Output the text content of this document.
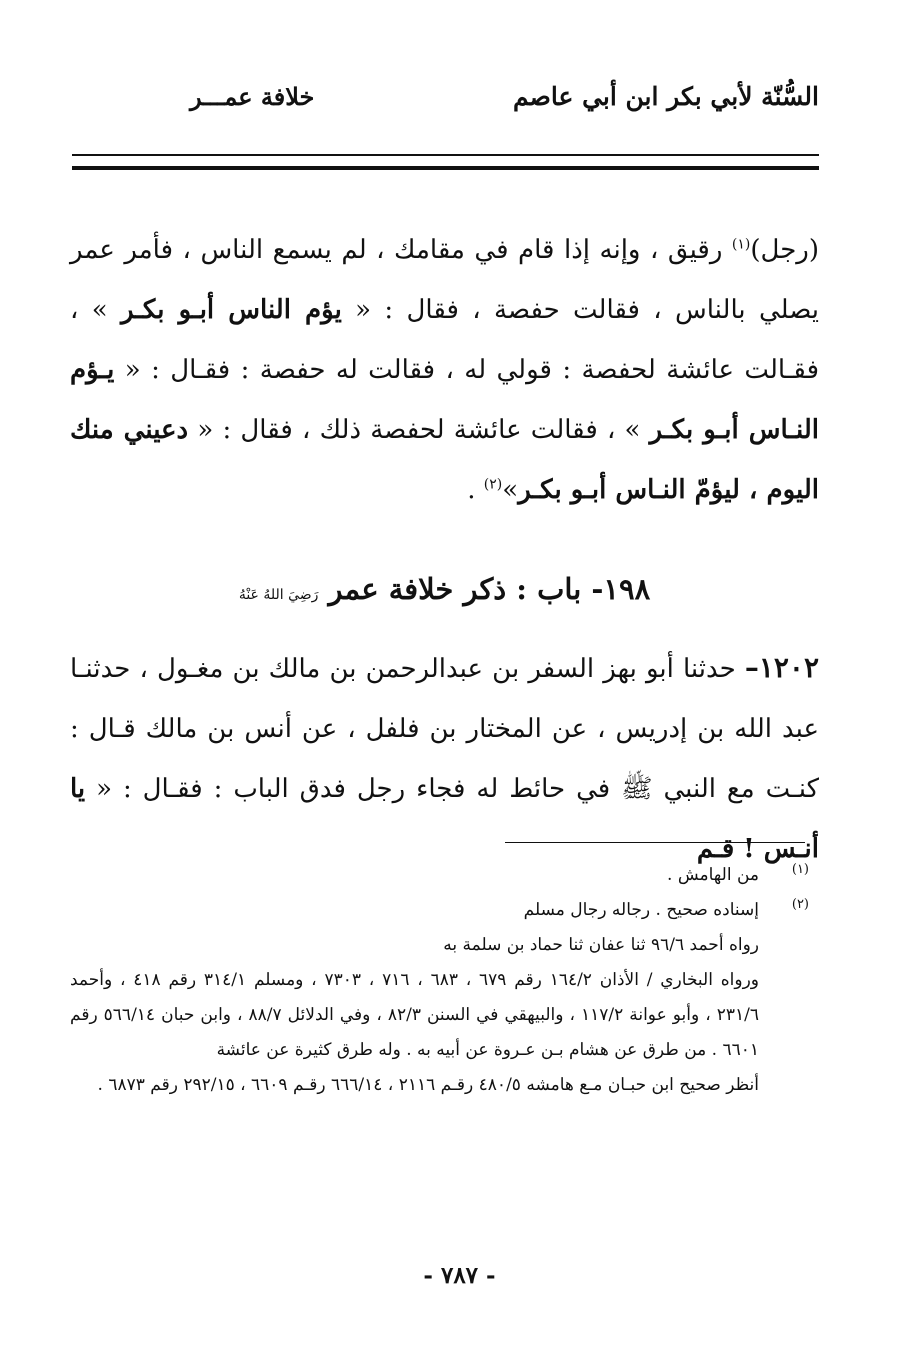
السُّنّة لأبي بكر ابن أبي عاصم
خلافة عمـــر
(رجل)$^{(١)}$ رقيق ، وإنه إذا قام في مقامك ، لم يسمع الناس ، فأمر عمر يصلي بالناس ، فقالت حفصة ، فقال : « يؤم الناس أبـو بكـر » ، فقـالت عائشة لحفصة : قولي له ، فقالت له حفصة : فقـال : « يـؤم النـاس أبـو بكـر » ، فقالت عائشة لحفصة ذلك ، فقال : « دعيني منك اليوم ، ليؤمّ النـاس أبـو بكـر»$^{(٢)}$ .
١٩٨- باب : ذكر خلافة عمر رَضِيَ اللهُ عَنْهُ
١٢٠٢– حدثنا أبو بهز السفر بن عبدالرحمن بن مالك بن مغـول ، حدثنـا عبد الله بن إدريس ، عن المختار بن فلفل ، عن أنس بن مالك قـال : كنـت مع النبي ﷺ في حائط له فجاء رجل فدق الباب : فقـال : « يا أنـس ! قـم
(١)
من الهامش .
(٢)
إسناده صحيح . رجاله رجال مسلم
رواه أحمد ٩٦/٦ ثنا عفان ثنا حماد بن سلمة به
ورواه البخاري / الأذان ١٦٤/٢ رقم ٦٧٩ ، ٦٨٣ ، ٧١٦ ، ٧٣٠٣ ، ومسلم ٣١٤/١ رقم ٤١٨ ، وأحمد ٢٣١/٦ ، وأبو عوانة ١١٧/٢ ، والبيهقي في السنن ٨٢/٣ ، وفي الدلائل ٨٨/٧ ، وابن حبان ٥٦٦/١٤ رقم ٦٦٠١ . من طرق عن هشام بـن عـروة عن أبيه به . وله طرق كثيرة عن عائشة
أنظر صحيح ابن حبـان مـع هامشه ٤٨٠/٥ رقـم ٢١١٦ ، ٦٦٦/١٤ رقـم ٦٦٠٩ ، ٢٩٢/١٥ رقم ٦٨٧٣ .
- ٧٨٧ -
